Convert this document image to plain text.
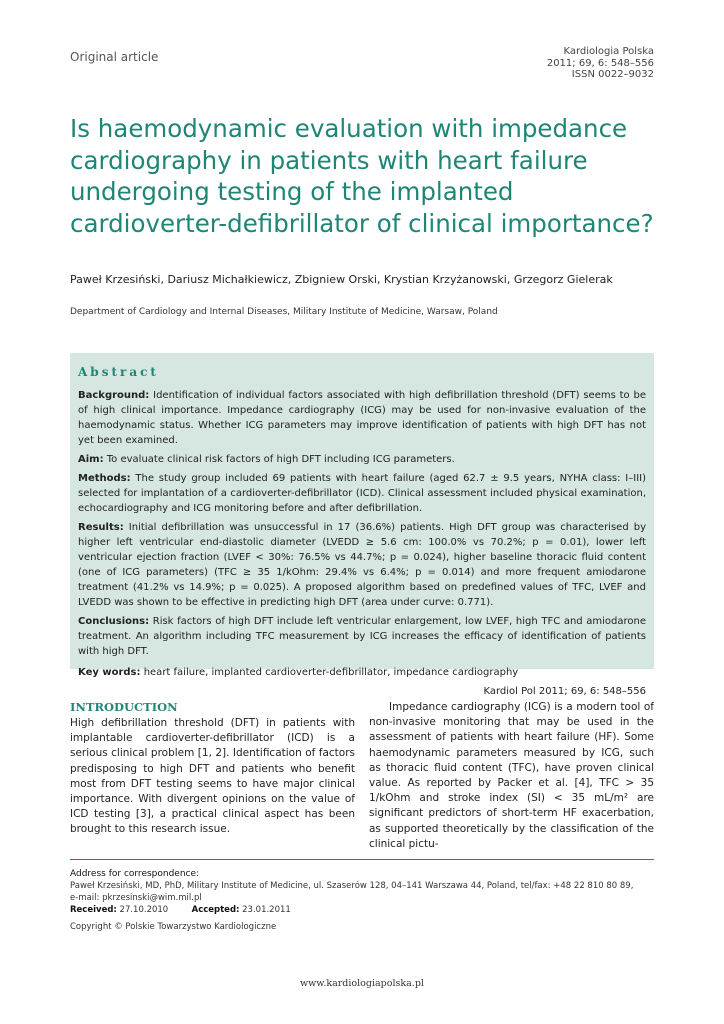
Original article	Kardiologia Polska
2011; 69, 6: 548–556
ISSN 0022–9032
Is haemodynamic evaluation with impedance cardiography in patients with heart failure undergoing testing of the implanted cardioverter-defibrillator of clinical importance?
Paweł Krzesiński, Dariusz Michałkiewicz, Zbigniew Orski, Krystian Krzyżanowski, Grzegorz Gielerak
Department of Cardiology and Internal Diseases, Military Institute of Medicine, Warsaw, Poland
Abstract

Background: Identification of individual factors associated with high defibrillation threshold (DFT) seems to be of high clinical importance. Impedance cardiography (ICG) may be used for non-invasive evaluation of the haemodynamic status. Whether ICG parameters may improve identification of patients with high DFT has not yet been examined.

Aim: To evaluate clinical risk factors of high DFT including ICG parameters.

Methods: The study group included 69 patients with heart failure (aged 62.7 ± 9.5 years, NYHA class: I–III) selected for implantation of a cardioverter-defibrillator (ICD). Clinical assessment included physical examination, echocardiography and ICG monitoring before and after defibrillation.

Results: Initial defibrillation was unsuccessful in 17 (36.6%) patients. High DFT group was characterised by higher left ventricular end-diastolic diameter (LVEDD ≥ 5.6 cm: 100.0% vs 70.2%; p = 0.01), lower left ventricular ejection fraction (LVEF < 30%: 76.5% vs 44.7%; p = 0.024), higher baseline thoracic fluid content (one of ICG parameters) (TFC ≥ 35 1/kOhm: 29.4% vs 6.4%; p = 0.014) and more frequent amiodarone treatment (41.2% vs 14.9%; p = 0.025). A proposed algorithm based on predefined values of TFC, LVEF and LVEDD was shown to be effective in predicting high DFT (area under curve: 0.771).

Conclusions: Risk factors of high DFT include left ventricular enlargement, low LVEF, high TFC and amiodarone treatment. An algorithm including TFC measurement by ICG increases the efficacy of identification of patients with high DFT.

Key words: heart failure, implanted cardioverter-defibrillator, impedance cardiography

Kardiol Pol 2011; 69, 6: 548–556
INTRODUCTION

High defibrillation threshold (DFT) in patients with implantable cardioverter-defibrillator (ICD) is a serious clinical problem [1, 2]. Identification of factors predisposing to high DFT and patients who benefit most from DFT testing seems to have major clinical importance. With divergent opinions on the value of ICD testing [3], a practical clinical aspect has been brought to this research issue.

Impedance cardiography (ICG) is a modern tool of non-invasive monitoring that may be used in the assessment of patients with heart failure (HF). Some haemodynamic parameters measured by ICG, such as thoracic fluid content (TFC), have proven clinical value. As reported by Packer et al. [4], TFC > 35 1/kOhm and stroke index (SI) < 35 mL/m² are significant predictors of short-term HF exacerbation, as supported theoretically by the classification of the clinical pictu-

Address for correspondence:
Paweł Krzesiński, MD, PhD, Military Institute of Medicine, ul. Szaserów 128, 04–141 Warszawa 44, Poland, tel/fax: +48 22 810 80 89,
e-mail: pkrzesinski@wim.mil.pl
Received: 27.10.2010	Accepted: 23.01.2011
Copyright © Polskie Towarzystwo Kardiologiczne
www.kardiologiapolska.pl
